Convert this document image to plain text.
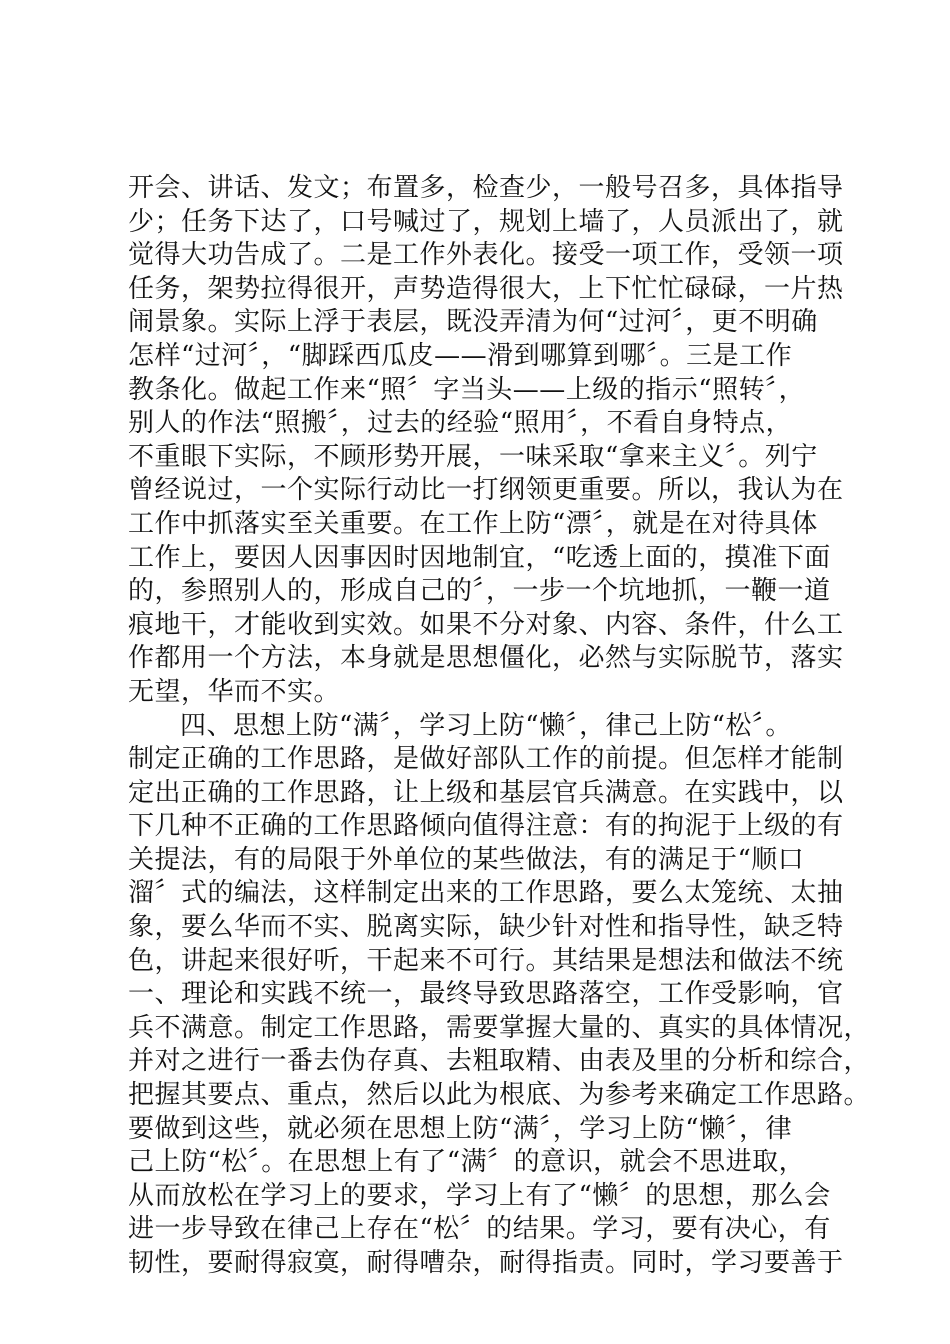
开会、讲话、发文；布置多，检查少，一般号召多，具体指导
少；任务下达了，口号喊过了，规划上墙了，人员派出了，就
觉得大功告成了。二是工作外表化。接受一项工作，受领一项
任务，架势拉得很开，声势造得很大，上下忙忙碌碌，一片热
闹景象。实际上浮于表层，既没弄清为何“过河〞，更不明确
怎样“过河〞，“脚踩西瓜皮——滑到哪算到哪〞。三是工作
教条化。做起工作来“照〞字当头——上级的指示“照转〞，
别人的作法“照搬〞，过去的经验“照用〞，不看自身特点，
不重眼下实际，不顾形势开展，一味采取“拿来主义〞。列宁
曾经说过，一个实际行动比一打纲领更重要。所以，我认为在
工作中抓落实至关重要。在工作上防“漂〞，就是在对待具体
工作上，要因人因事因时因地制宜，“吃透上面的，摸准下面
的，参照别人的，形成自己的〞，一步一个坑地抓，一鞭一道
痕地干，才能收到实效。如果不分对象、内容、条件，什么工
作都用一个方法，本身就是思想僵化，必然与实际脱节，落实
无望，华而不实。
四、思想上防“满〞，学习上防“懒〞，律己上防“松〞。
制定正确的工作思路，是做好部队工作的前提。但怎样才能制
定出正确的工作思路，让上级和基层官兵满意。在实践中，以
下几种不正确的工作思路倾向值得注意：有的拘泥于上级的有
关提法，有的局限于外单位的某些做法，有的满足于“顺口
溜〞式的编法，这样制定出来的工作思路，要么太笼统、太抽
象，要么华而不实、脱离实际，缺少针对性和指导性，缺乏特
色，讲起来很好听，干起来不可行。其结果是想法和做法不统
一、理论和实践不统一，最终导致思路落空，工作受影响，官
兵不满意。制定工作思路，需要掌握大量的、真实的具体情况，
并对之进行一番去伪存真、去粗取精、由表及里的分析和综合，
把握其要点、重点，然后以此为根底、为参考来确定工作思路。
要做到这些，就必须在思想上防“满〞，学习上防“懒〞，律
己上防“松〞。在思想上有了“满〞的意识，就会不思进取，
从而放松在学习上的要求，学习上有了“懒〞的思想，那么会
进一步导致在律己上存在“松〞的结果。学习，要有决心，有
韧性，要耐得寂寞，耐得嘈杂，耐得指责。同时，学习要善于
